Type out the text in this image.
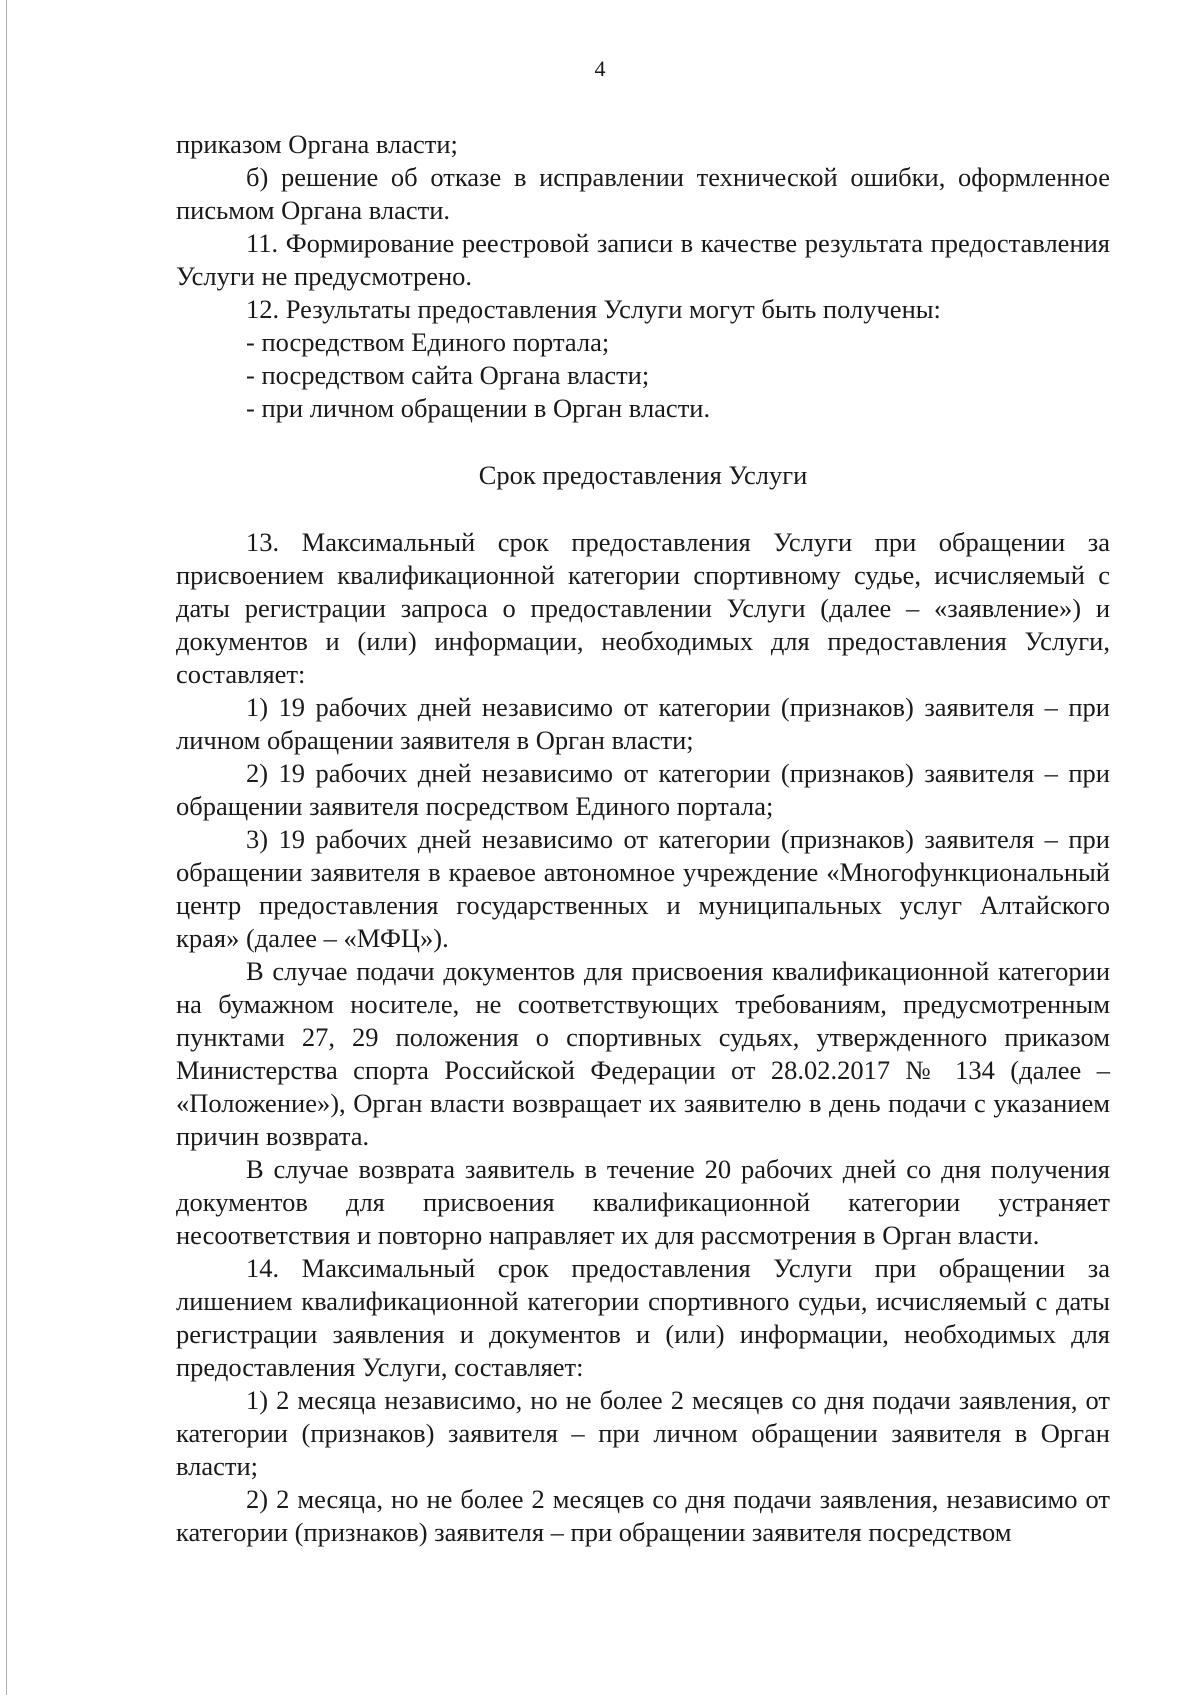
4

приказом Органа власти;

б) решение об отказе в исправлении технической ошибки, оформленное письмом Органа власти.

11. Формирование реестровой записи в качестве результата предоставления Услуги не предусмотрено.

12. Результаты предоставления Услуги могут быть получены:

- посредством Единого портала;

- посредством сайта Органа власти;

- при личном обращении в Орган власти.

Срок предоставления Услуги

13. Максимальный срок предоставления Услуги при обращении за присвоением квалификационной категории спортивному судье, исчисляемый с даты регистрации запроса о предоставлении Услуги (далее – «заявление») и документов и (или) информации, необходимых для предоставления Услуги, составляет:

1) 19 рабочих дней независимо от категории (признаков) заявителя – при личном обращении заявителя в Орган власти;

2) 19 рабочих дней независимо от категории (признаков) заявителя – при обращении заявителя посредством Единого портала;

3) 19 рабочих дней независимо от категории (признаков) заявителя – при обращении заявителя в краевое автономное учреждение «Многофункциональный центр предоставления государственных и муниципальных услуг Алтайского края» (далее – «МФЦ»).

В случае подачи документов для присвоения квалификационной категории на бумажном носителе, не соответствующих требованиям, предусмотренным пунктами 27, 29 положения о спортивных судьях, утвержденного приказом Министерства спорта Российской Федерации от 28.02.2017 № 134 (далее – «Положение»), Орган власти возвращает их заявителю в день подачи с указанием причин возврата.

В случае возврата заявитель в течение 20 рабочих дней со дня получения документов для присвоения квалификационной категории устраняет несоответствия и повторно направляет их для рассмотрения в Орган власти.

14. Максимальный срок предоставления Услуги при обращении за лишением квалификационной категории спортивного судьи, исчисляемый с даты регистрации заявления и документов и (или) информации, необходимых для предоставления Услуги, составляет:

1) 2 месяца независимо, но не более 2 месяцев со дня подачи заявления, от категории (признаков) заявителя – при личном обращении заявителя в Орган власти;

2) 2 месяца, но не более 2 месяцев со дня подачи заявления, независимо от категории (признаков) заявителя – при обращении заявителя посредством
